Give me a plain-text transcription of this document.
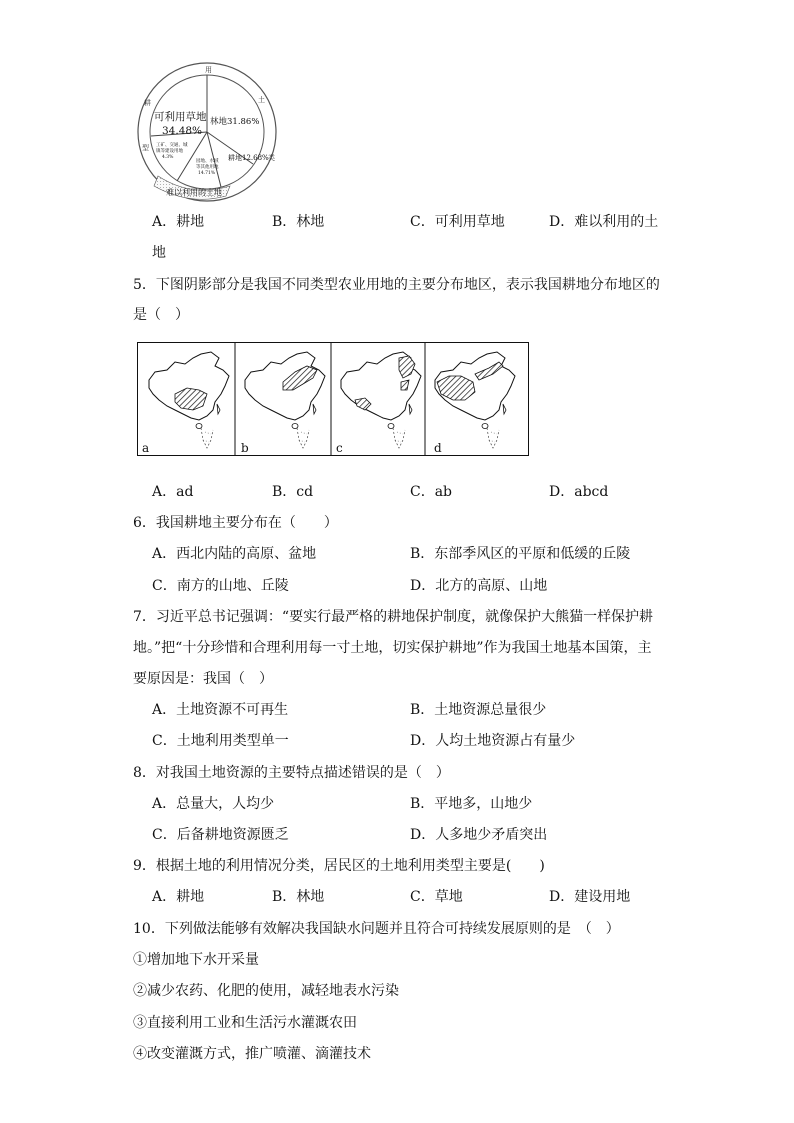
耕
用
土
类
型
可利用草地
34.48%
林地31.86%
耕地12.68%
工矿、交通、城
镇等建设用地
4.3%
园地、水域
等其他用地
14.71%
难以利用的土地
A．耕地	B．林地	C．可利用草地	D．难以利用的土
地
5．下图阴影部分是我国不同类型农业用地的主要分布地区，表示我国耕地分布地区的
是（　）
a	b	c	d
A．ad	B．cd	C．ab	D．abcd
6．我国耕地主要分布在（　　）
A．西北内陆的高原、盆地	B．东部季风区的平原和低缓的丘陵
C．南方的山地、丘陵	D．北方的高原、山地
7．习近平总书记强调：“要实行最严格的耕地保护制度，就像保护大熊猫一样保护耕
地。”把“十分珍惜和合理利用每一寸土地，切实保护耕地”作为我国土地基本国策，主
要原因是：我国（　）
A．土地资源不可再生	B．土地资源总量很少
C．土地利用类型单一	D．人均土地资源占有量少
8．对我国土地资源的主要特点描述错误的是（　）
A．总量大，人均少	B．平地多，山地少
C．后备耕地资源匮乏	D．人多地少矛盾突出
9．根据土地的利用情况分类，居民区的土地利用类型主要是(　　)
A．耕地	B．林地	C．草地	D．建设用地
10．下列做法能够有效解决我国缺水问题并且符合可持续发展原则的是　（　）
①增加地下水开采量
②减少农药、化肥的使用，减轻地表水污染
③直接利用工业和生活污水灌溉农田
④改变灌溉方式，推广喷灌、滴灌技术
